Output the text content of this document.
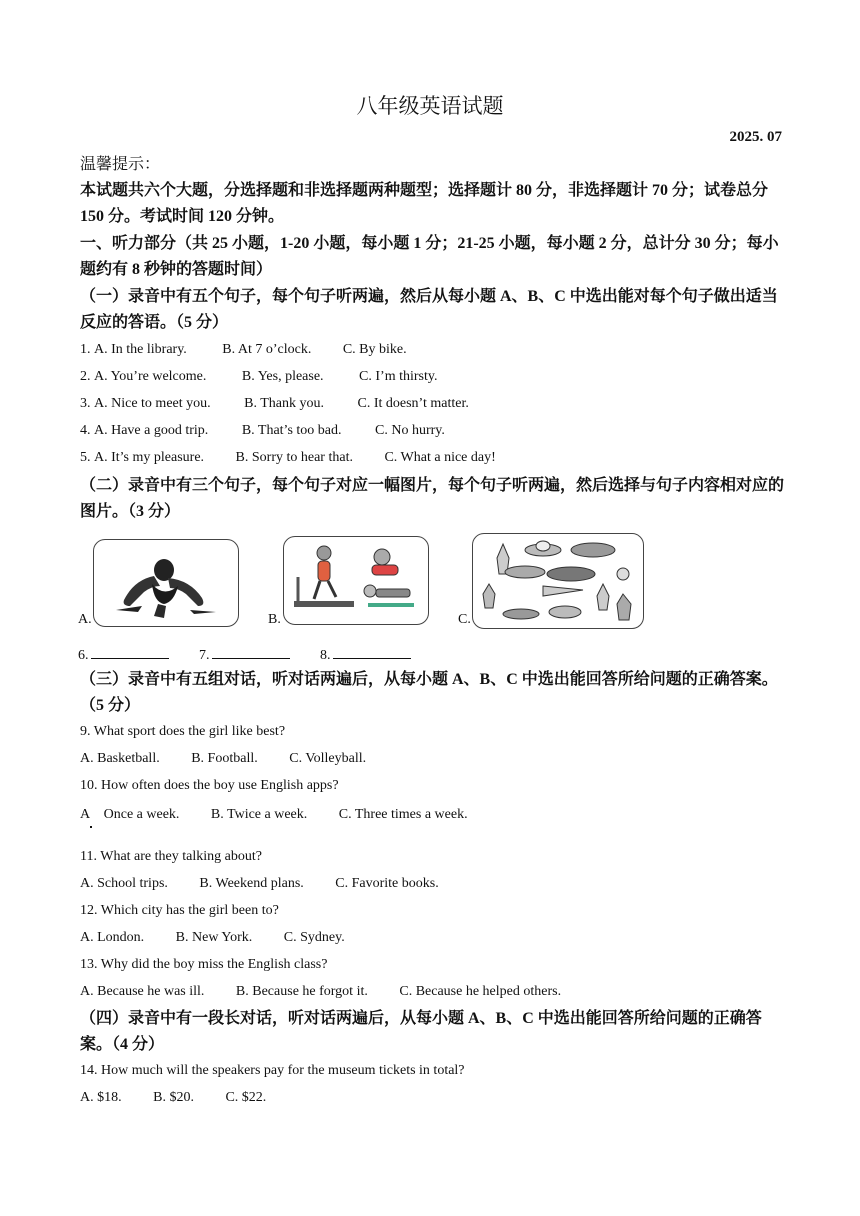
八年级英语试题
2025. 07
温馨提示：
本试题共六个大题，分选择题和非选择题两种题型；选择题计 80 分，非选择题计 70 分；试卷总分 150 分。考试时间 120 分钟。
一、听力部分（共 25 小题，1-20 小题，每小题 1 分；21-25 小题，每小题 2 分，总计分 30 分；每小题约有 8 秒钟的答题时间）
（一）录音中有五个句子，每个句子听两遍，然后从每小题 A、B、C 中选出能对每个句子做出适当反应的答语。（5 分）
1. A. In the library.	B. At 7 o’clock. C. By bike.
2. A. You’re welcome.	B. Yes, please.	C. I’m thirsty.
3. A. Nice to meet you. B. Thank you. C. It doesn’t matter.
4. A. Have a good trip. B. That’s too bad. C. No hurry.
5. A. It’s my pleasure. B. Sorry to hear that. C. What a nice day!
（二）录音中有三个句子，每个句子对应一幅图片，每个句子听两遍，然后选择与句子内容相对应的图片。（3 分）
A.	B.	C.
6.	7.	8.
（三）录音中有五组对话，听对话两遍后，从每小题 A、B、C 中选出能回答所给问题的正确答案。（5 分）
9. What sport does the girl like best?
A. Basketball. B. Football. C. Volleyball.
10. How often does the boy use English apps?
A Once a week. B. Twice a week. C. Three times a week.
11. What are they talking about?
A. School trips. B. Weekend plans. C. Favorite books.
12. Which city has the girl been to?
A. London. B. New York. C. Sydney.
13. Why did the boy miss the English class?
A. Because he was ill. B. Because he forgot it. C. Because he helped others.
（四）录音中有一段长对话，听对话两遍后，从每小题 A、B、C 中选出能回答所给问题的正确答案。（4 分）
14. How much will the speakers pay for the museum tickets in total?
A. $18. B. $20. C. $22.
